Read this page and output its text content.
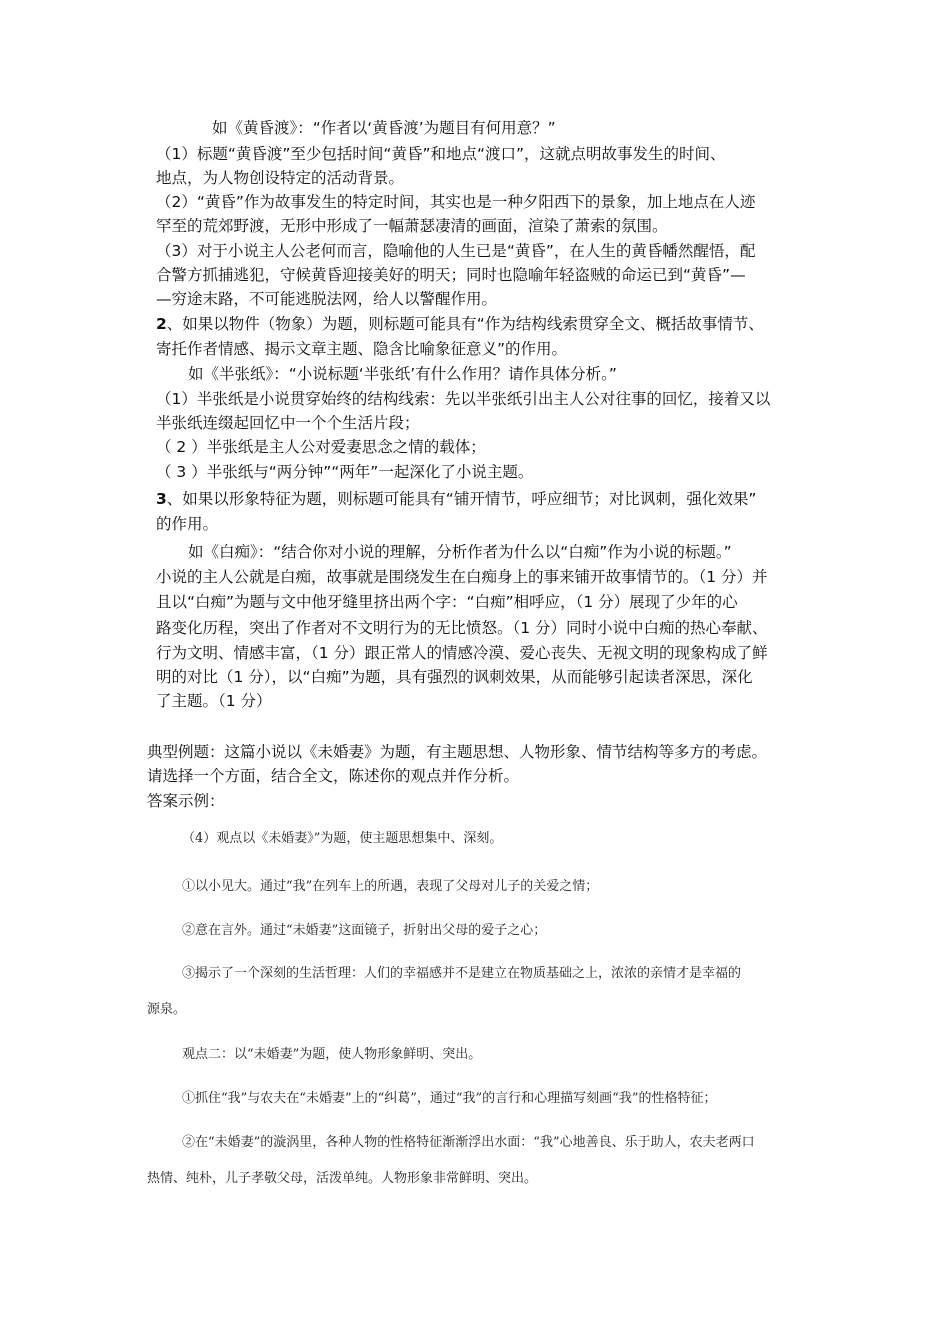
如《黄昏渡》：“作者以‘黄昏渡’为题目有何用意？”
（1）标题“黄昏渡”至少包括时间“黄昏”和地点“渡口”，这就点明故事发生的时间、
地点，为人物创设特定的活动背景。
（2）“黄昏”作为故事发生的特定时间，其实也是一种夕阳西下的景象，加上地点在人迹
罕至的荒郊野渡，无形中形成了一幅萧瑟凄清的画面，渲染了萧索的氛围。
（3）对于小说主人公老何而言，隐喻他的人生已是“黄昏”，在人生的黄昏幡然醒悟，配
合警方抓捕逃犯，守候黄昏迎接美好的明天；同时也隐喻年轻盗贼的命运已到“黄昏”—
—穷途末路，不可能逃脱法网，给人以警醒作用。
2、如果以物件（物象）为题，则标题可能具有“作为结构线索贯穿全文、概括故事情节、
寄托作者情感、揭示文章主题、隐含比喻象征意义”的作用。
如《半张纸》：“小说标题‘半张纸’有什么作用？请作具体分析。”
（1）半张纸是小说贯穿始终的结构线索：先以半张纸引出主人公对往事的回忆，接着又以
半张纸连缀起回忆中一个个生活片段；
（ 2 ）半张纸是主人公对爱妻思念之情的载体；
（ 3 ）半张纸与“两分钟”“两年”一起深化了小说主题。
3、如果以形象特征为题，则标题可能具有“铺开情节，呼应细节；对比讽刺，强化效果”
的作用。
如《白痴》：“结合你对小说的理解，分析作者为什么以“白痴”作为小说的标题。”
小说的主人公就是白痴，故事就是围绕发生在白痴身上的事来铺开故事情节的。（1 分）并
且以“白痴”为题与文中他牙缝里挤出两个字：“白痴”相呼应，（1 分）展现了少年的心
路变化历程，突出了作者对不文明行为的无比愤怒。（1 分）同时小说中白痴的热心奉献、
行为文明、情感丰富，（1 分）跟正常人的情感冷漠、爱心丧失、无视文明的现象构成了鲜
明的对比（1 分），以“白痴”为题，具有强烈的讽刺效果，从而能够引起读者深思，深化
了主题。（1 分）
典型例题：这篇小说以《未婚妻》为题，有主题思想、人物形象、情节结构等多方的考虑。
请选择一个方面，结合全文，陈述你的观点并作分析。
答案示例：
（4）观点以《未婚妻》”为题，使主题思想集中、深刻。
①以小见大。通过“我”在列车上的所遇，表现了父母对儿子的关爱之情；
②意在言外。通过“未婚妻”这面镜子，折射出父母的爱子之心；
③揭示了一个深刻的生活哲理：人们的幸福感并不是建立在物质基础之上，浓浓的亲情才是幸福的
源泉。
观点二：以“未婚妻”为题，使人物形象鲜明、突出。
①抓住“我”与农夫在“未婚妻”上的“纠葛”，通过“我”的言行和心理描写刻画“我”的性格特征；
②在“未婚妻”的漩涡里，各种人物的性格特征渐渐浮出水面：“我”心地善良、乐于助人，农夫老两口
热情、纯朴，儿子孝敬父母，活泼单纯。人物形象非常鲜明、突出。
